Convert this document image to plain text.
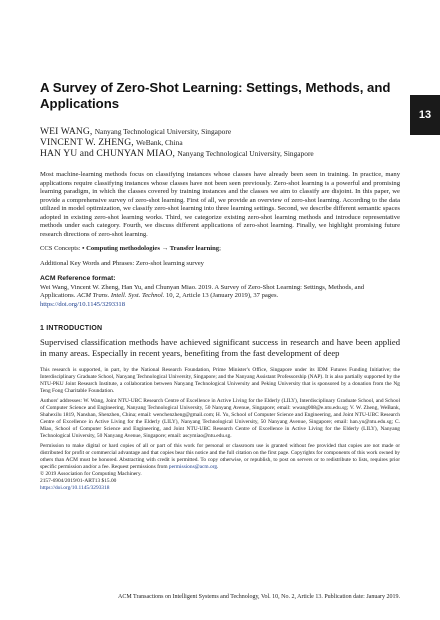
13
A Survey of Zero-Shot Learning: Settings, Methods, and Applications
WEI WANG, Nanyang Technological University, Singapore
VINCENT W. ZHENG, WeBank, China
HAN YU and CHUNYAN MIAO, Nanyang Technological University, Singapore
Most machine-learning methods focus on classifying instances whose classes have already been seen in training. In practice, many applications require classifying instances whose classes have not been seen previously. Zero-shot learning is a powerful and promising learning paradigm, in which the classes covered by training instances and the classes we aim to classify are disjoint. In this paper, we provide a comprehensive survey of zero-shot learning. First of all, we provide an overview of zero-shot learning. According to the data utilized in model optimization, we classify zero-shot learning into three learning settings. Second, we describe different semantic spaces adopted in existing zero-shot learning works. Third, we categorize existing zero-shot learning methods and introduce representative methods under each category. Fourth, we discuss different applications of zero-shot learning. Finally, we highlight promising future research directions of zero-shot learning.
CCS Concepts: • Computing methodologies → Transfer learning;
Additional Key Words and Phrases: Zero-shot learning survey
ACM Reference format:
Wei Wang, Vincent W. Zheng, Han Yu, and Chunyan Miao. 2019. A Survey of Zero-Shot Learning: Settings, Methods, and Applications. ACM Trans. Intell. Syst. Technol. 10, 2, Article 13 (January 2019), 37 pages.
https://doi.org/10.1145/3293318
1 INTRODUCTION
Supervised classification methods have achieved significant success in research and have been applied in many areas. Especially in recent years, benefiting from the fast development of deep

This research is supported, in part, by the National Research Foundation, Prime Minister's Office, Singapore under its IDM Futures Funding Initiative; the Interdisciplinary Graduate School, Nanyang Technological University, Singapore; and the Nanyang Assistant Professorship (NAP). It is also partially supported by the NTU-PKU Joint Research Institute, a collaboration between Nanyang Technological University and Peking University that is sponsored by a donation from the Ng Teng Fong Charitable Foundation.

Authors' addresses: W. Wang, Joint NTU-UBC Research Centre of Excellence in Active Living for the Elderly (LILY), Interdisciplinary Graduate School, and School of Computer Science and Engineering, Nanyang Technological University, 50 Nanyang Avenue, Singapore; email: wwang008@e.ntu.edu.sg; V. W. Zheng, WeBank, Shahexilu 1819, Nanshan, Shenzhen, China; email: wenchenzheng@gmail.com; H. Yu, School of Computer Science and Engineering, and Joint NTU-UBC Research Centre of Excellence in Active Living for the Elderly (LILY), Nanyang Technological University, 50 Nanyang Avenue, Singapore; email: han.yu@ntu.edu.sg; C. Miao, School of Computer Science and Engineering, and Joint NTU-UBC Research Centre of Excellence in Active Living for the Elderly (LILY), Nanyang Technological University, 50 Nanyang Avenue, Singapore; email: ascymiao@ntu.edu.sg.

Permission to make digital or hard copies of all or part of this work for personal or classroom use is granted without fee provided that copies are not made or distributed for profit or commercial advantage and that copies bear this notice and the full citation on the first page. Copyrights for components of this work owned by others than ACM must be honored. Abstracting with credit is permitted. To copy otherwise, or republish, to post on servers or to redistribute to lists, requires prior specific permission and/or a fee. Request permissions from permissions@acm.org.
© 2019 Association for Computing Machinery.
2157-6904/2019/01-ART13 $15.00
https://doi.org/10.1145/3293318

ACM Transactions on Intelligent Systems and Technology, Vol. 10, No. 2, Article 13. Publication date: January 2019.
